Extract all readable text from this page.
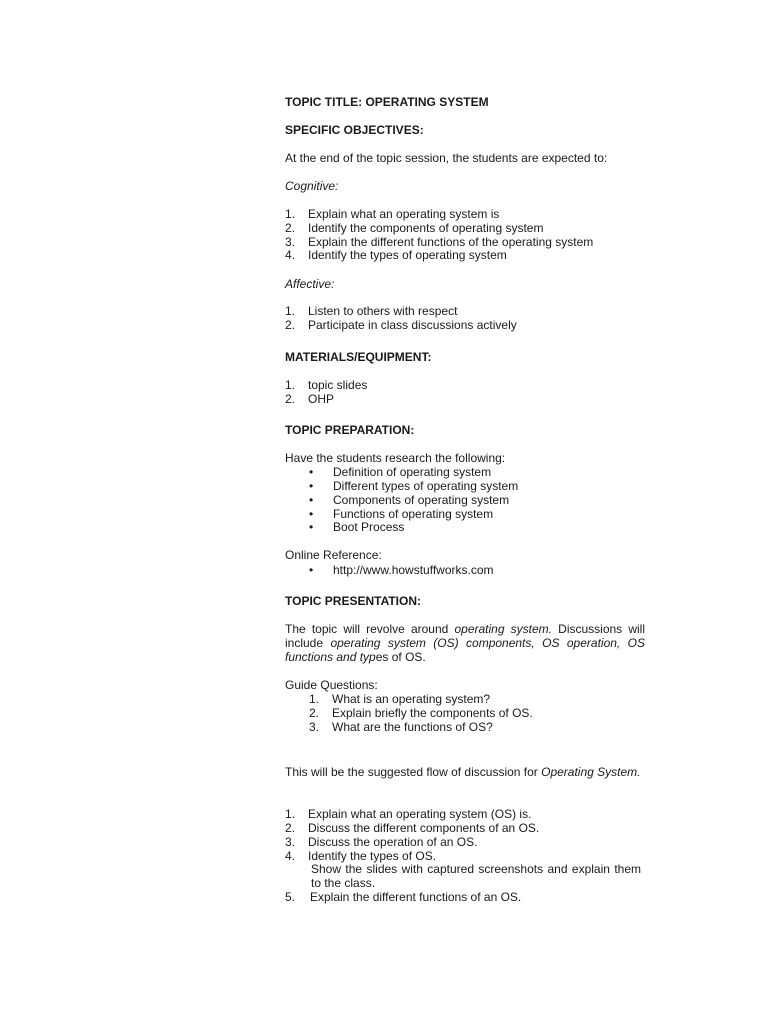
TOPIC TITLE: OPERATING SYSTEM
SPECIFIC OBJECTIVES:
At the end of the topic session, the students are expected to:
Cognitive:
1. Explain what an operating system is
2. Identify the components of operating system
3. Explain the different functions of the operating system
4. Identify the types of operating system
Affective:
1. Listen to others with respect
2. Participate in class discussions actively
MATERIALS/EQUIPMENT:
1. topic slides
2. OHP
TOPIC PREPARATION:
Have the students research the following:
• Definition of operating system
• Different types of operating system
• Components of operating system
• Functions of operating system
• Boot Process
Online Reference:
• http://www.howstuffworks.com
TOPIC PRESENTATION:
The topic will revolve around operating system. Discussions will include operating system (OS) components, OS operation, OS functions and types of OS.
Guide Questions:
1. What is an operating system?
2. Explain briefly the components of OS.
3. What are the functions of OS?
This will be the suggested flow of discussion for Operating System.
1. Explain what an operating system (OS) is.
2. Discuss the different components of an OS.
3. Discuss the operation of an OS.
4. Identify the types of OS.
Show the slides with captured screenshots and explain them to the class.
5. Explain the different functions of an OS.
